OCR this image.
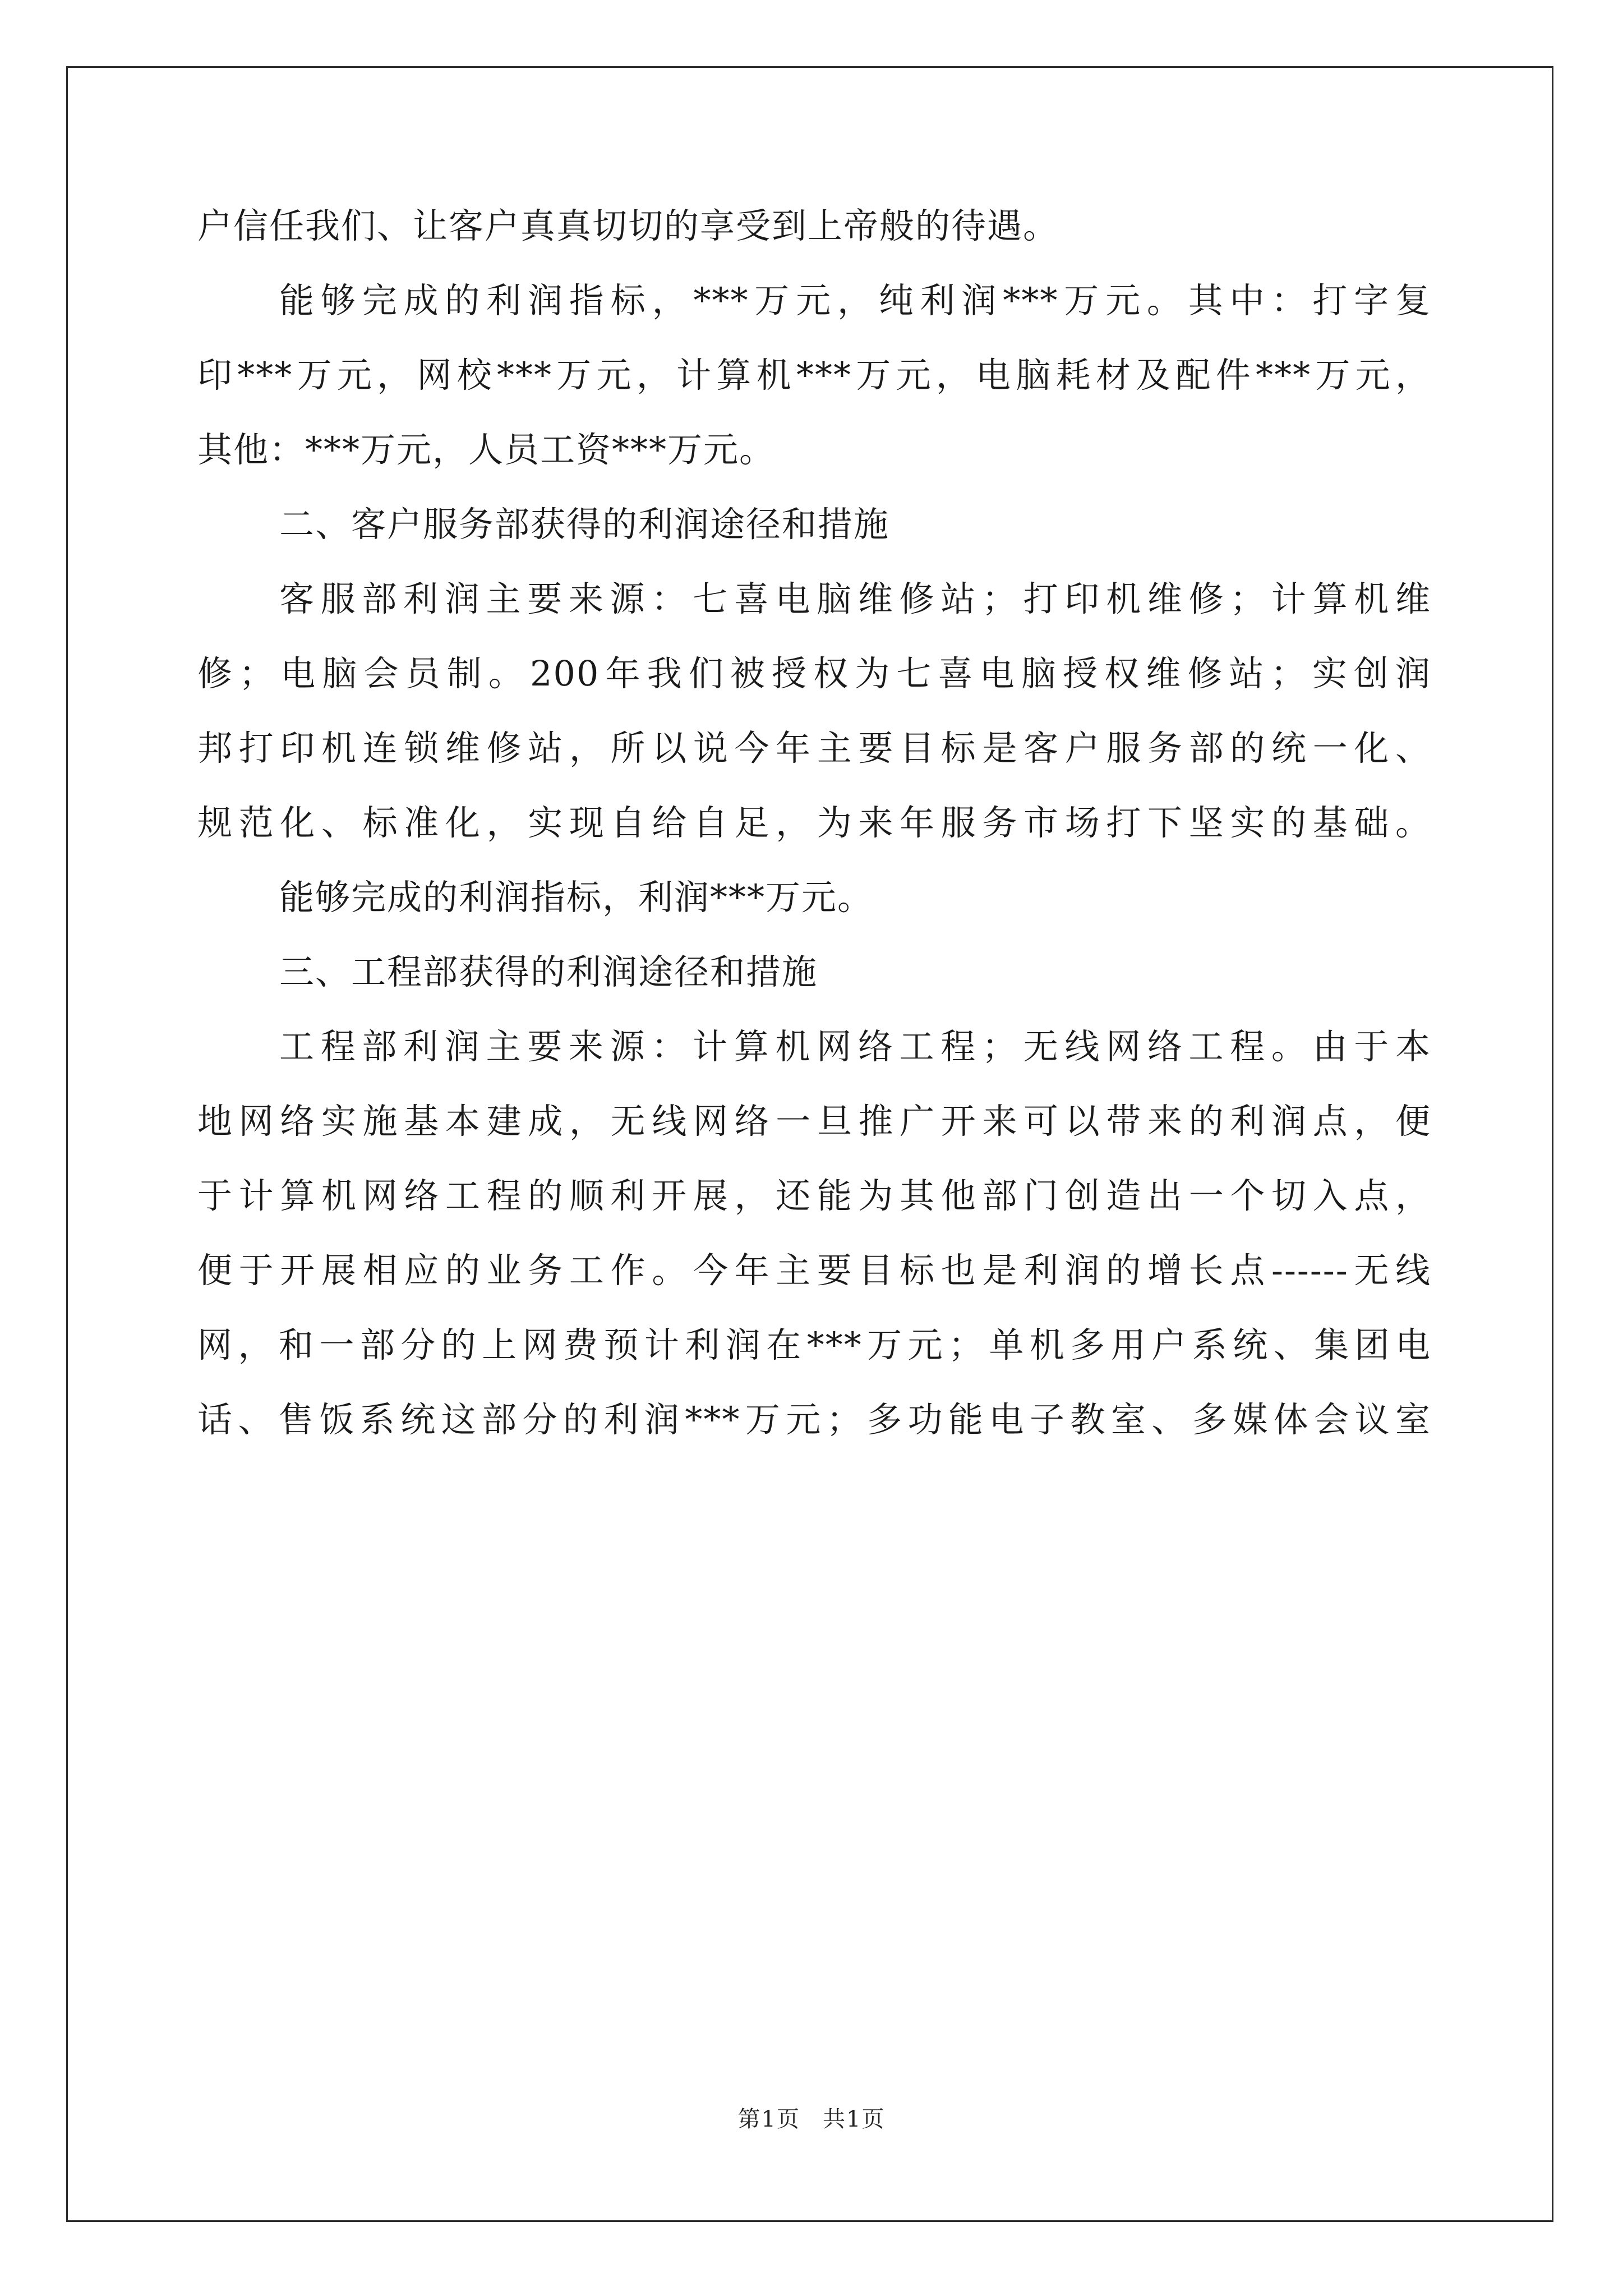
户信任我们、让客户真真切切的享受到上帝般的待遇。
能够完成的利润指标，***万元，纯利润***万元。其中：打字复
印***万元，网校***万元，计算机***万元，电脑耗材及配件***万元，
其他：***万元，人员工资***万元。
二、客户服务部获得的利润途径和措施
客服部利润主要来源：七喜电脑维修站；打印机维修；计算机维
修；电脑会员制。200年我们被授权为七喜电脑授权维修站；实创润
邦打印机连锁维修站，所以说今年主要目标是客户服务部的统一化、
规范化、标准化，实现自给自足，为来年服务市场打下坚实的基础。
能够完成的利润指标，利润***万元。
三、工程部获得的利润途径和措施
工程部利润主要来源：计算机网络工程；无线网络工程。由于本
地网络实施基本建成，无线网络一旦推广开来可以带来的利润点，便
于计算机网络工程的顺利开展，还能为其他部门创造出一个切入点，
便于开展相应的业务工作。今年主要目标也是利润的增长点------无线
网，和一部分的上网费预计利润在***万元；单机多用户系统、集团电
话、售饭系统这部分的利润***万元；多功能电子教室、多媒体会议室
第1页 共1页
